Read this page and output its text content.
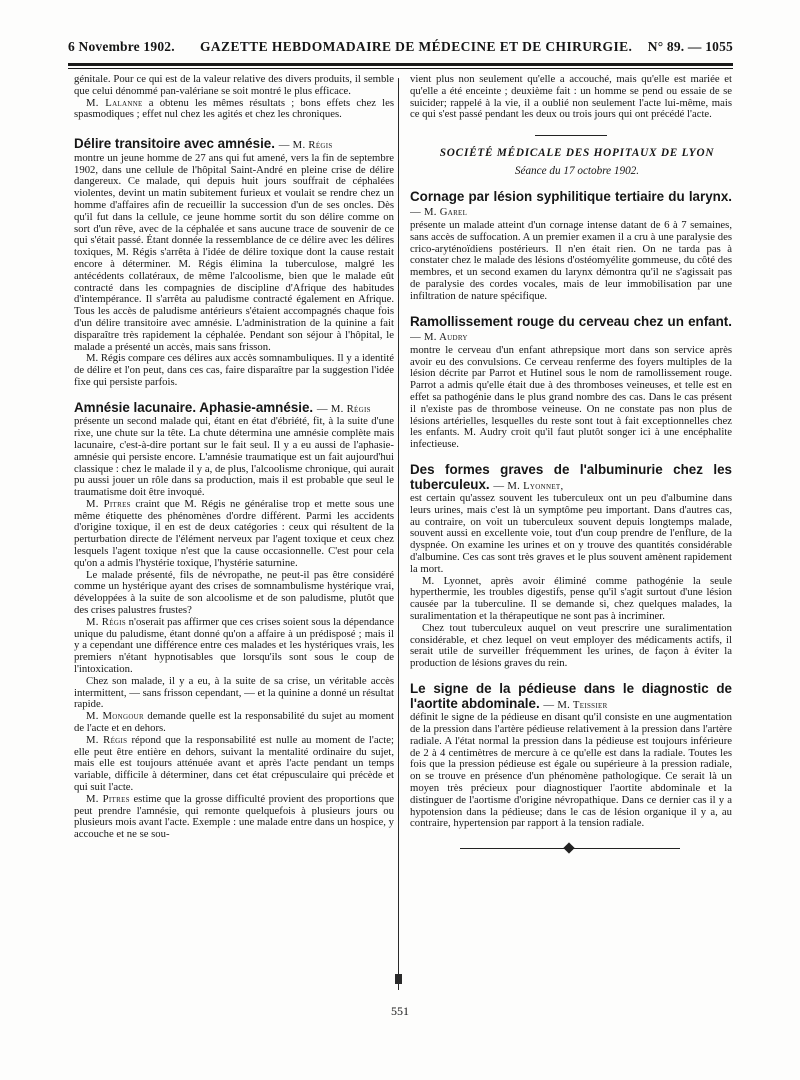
6 Novembre 1902. GAZETTE HEBDOMADAIRE DE MÉDECINE ET DE CHIRURGIE. N° 89. — 1055

génitale. Pour ce qui est de la valeur relative des divers produits, il semble que celui dénommé pan-valériane se soit montré le plus efficace.

M. Lalanne a obtenu les mêmes résultats ; bons effets chez les spasmodiques ; effet nul chez les agités et chez les chroniques.

Délire transitoire avec amnésie. — M. Régis

montre un jeune homme de 27 ans qui fut amené, vers la fin de septembre 1902, dans une cellule de l'hôpital Saint-André en pleine crise de délire dangereux. Ce malade, qui depuis huit jours souffrait de céphalées violentes, devint un matin subitement furieux et voulait se rendre chez un homme d'affaires afin de recueillir la succession d'un de ses oncles. Dès qu'il fut dans la cellule, ce jeune homme sortit du son délire comme on sort d'un rêve, avec de la céphalée et sans aucune trace de souvenir de ce qui s'était passé. Étant donnée la ressemblance de ce délire avec les délires toxiques, M. Régis s'arrêta à l'idée de délire toxique dont la cause restait encore à déterminer. M. Régis élimina la tuberculose, malgré les antécédents collatéraux, de même l'alcoolisme, bien que le malade eût contracté dans les compagnies de discipline d'Afrique des habitudes d'intempérance. Il s'arrêta au paludisme contracté également en Afrique. Tous les accès de paludisme antérieurs s'étaient accompagnés chaque fois d'un délire transitoire avec amnésie. L'administration de la quinine a fait disparaître très rapidement la céphalée. Pendant son séjour à l'hôpital, le malade a présenté un accès, mais sans frisson.

M. Régis compare ces délires aux accès somnambuliques. Il y a identité de délire et l'on peut, dans ces cas, faire disparaître par la suggestion l'idée fixe qui persiste parfois.

Amnésie lacunaire. Aphasie-amnésie. — M. Régis

présente un second malade qui, étant en état d'ébriété, fit, à la suite d'une rixe, une chute sur la tête. La chute détermina une amnésie complète mais lacunaire, c'est-à-dire portant sur le fait seul. Il y a eu aussi de l'aphasie-amnésie qui persiste encore. L'amnésie traumatique est un fait aujourd'hui classique : chez le malade il y a, de plus, l'alcoolisme chronique, qui aurait pu aussi jouer un rôle dans sa production, mais il est probable que seul le traumatisme doit être invoqué.

M. Pitres craint que M. Régis ne généralise trop et mette sous une même étiquette des phénomènes d'ordre différent. Parmi les accidents d'origine toxique, il en est de deux catégories : ceux qui résultent de la perturbation directe de l'élément nerveux par l'agent toxique et ceux chez lesquels l'agent toxique n'est que la cause occasionnelle. C'est pour cela qu'on a admis l'hystérie toxique, l'hystérie saturnine.

Le malade présenté, fils de névropathe, ne peut-il pas être considéré comme un hystérique ayant des crises de somnambulisme hystérique vrai, développées à la suite de son alcoolisme et de son paludisme, plutôt que des crises palustres frustes?

M. Régis n'oserait pas affirmer que ces crises soient sous la dépendance unique du paludisme, étant donné qu'on a affaire à un prédisposé ; mais il y a cependant une différence entre ces malades et les hystériques vrais, les premiers n'étant hypnotisables que lorsqu'ils sont sous le coup de l'intoxication.

Chez son malade, il y a eu, à la suite de sa crise, un véritable accès intermittent, — sans frisson cependant, — et la quinine a donné un résultat rapide.

M. Mongour demande quelle est la responsabilité du sujet au moment de l'acte et en dehors.

M. Régis répond que la responsabilité est nulle au moment de l'acte; elle peut être entière en dehors, suivant la mentalité ordinaire du sujet, mais elle est toujours atténuée avant et après l'acte pendant un temps variable, difficile à déterminer, dans cet état crépusculaire qui précède et qui suit l'acte.

M. Pitres estime que la grosse difficulté provient des proportions que peut prendre l'amnésie, qui remonte quelquefois à plusieurs jours ou plusieurs mois avant l'acte. Exemple : une malade entre dans un hospice, y accouche et ne se sou-

vient plus non seulement qu'elle a accouché, mais qu'elle est mariée et qu'elle a été enceinte ; deuxième fait : un homme se pend ou essaie de se suicider; rappelé à la vie, il a oublié non seulement l'acte lui-même, mais ce qui s'est passé pendant les deux ou trois jours qui ont précédé l'acte.

SOCIÉTÉ MÉDICALE DES HOPITAUX DE LYON

Séance du 17 octobre 1902.

Cornage par lésion syphilitique tertiaire du larynx. — M. Garel

présente un malade atteint d'un cornage intense datant de 6 à 7 semaines, sans accès de suffocation. A un premier examen il a cru à une paralysie des crico-aryténoïdiens postérieurs. Il n'en était rien. On ne tarda pas à constater chez le malade des lésions d'ostéomyélite gommeuse, du côté des membres, et un second examen du larynx démontra qu'il ne s'agissait pas de paralysie des cordes vocales, mais de leur immobilisation par une infiltration de nature spécifique.

Ramollissement rouge du cerveau chez un enfant. — M. Audry

montre le cerveau d'un enfant athrepsique mort dans son service après avoir eu des convulsions. Ce cerveau renferme des foyers multiples de la lésion décrite par Parrot et Hutinel sous le nom de ramollissement rouge. Parrot a admis qu'elle était due à des thromboses veineuses, et telle est en effet sa pathogénie dans le plus grand nombre des cas. Dans le cas présent il n'existe pas de thrombose veineuse. On ne constate pas non plus de lésions artérielles, lesquelles du reste sont tout à fait exceptionnelles chez les enfants. M. Audry croit qu'il faut plutôt songer ici à une encéphalite infectieuse.

Des formes graves de l'albuminurie chez les tuberculeux. — M. Lyonnet,

est certain qu'assez souvent les tuberculeux ont un peu d'albumine dans leurs urines, mais c'est là un symptôme peu important. Dans d'autres cas, au contraire, on voit un tuberculeux souvent depuis longtemps malade, souvent aussi en excellente voie, tout d'un coup prendre de l'enflure, de la dyspnée. On examine les urines et on y trouve des quantités considérable d'albumine. Ces cas sont très graves et le plus souvent amènent rapidement la mort.

M. Lyonnet, après avoir éliminé comme pathogénie la seule hyperthermie, les troubles digestifs, pense qu'il s'agit surtout d'une lésion causée par la tuberculine. Il se demande si, chez quelques malades, la suralimentation et la thérapeutique ne sont pas à incriminer.

Chez tout tuberculeux auquel on veut prescrire une suralimentation considérable, et chez lequel on veut employer des médicaments actifs, il serait utile de surveiller fréquemment les urines, de façon à éviter la production de lésions graves du rein.

Le signe de la pédieuse dans le diagnostic de l'aortite abdominale. — M. Teissier

définit le signe de la pédieuse en disant qu'il consiste en une augmentation de la pression dans l'artère pédieuse relativement à la pression dans l'artère radiale. A l'état normal la pression dans la pédieuse est toujours inférieure de 2 à 4 centimètres de mercure à ce qu'elle est dans la radiale. Toutes les fois que la pression pédieuse est égale ou supérieure à la pression radiale, on se trouve en présence d'un phénomène pathologique. Ce serait là un moyen très précieux pour diagnostiquer l'aortite abdominale et la distinguer de l'aortisme d'origine névropathique. Dans ce dernier cas il y a hypotension dans la pédieuse; dans le cas de lésion organique il y a, au contraire, hypertension par rapport à la tension radiale.

551
